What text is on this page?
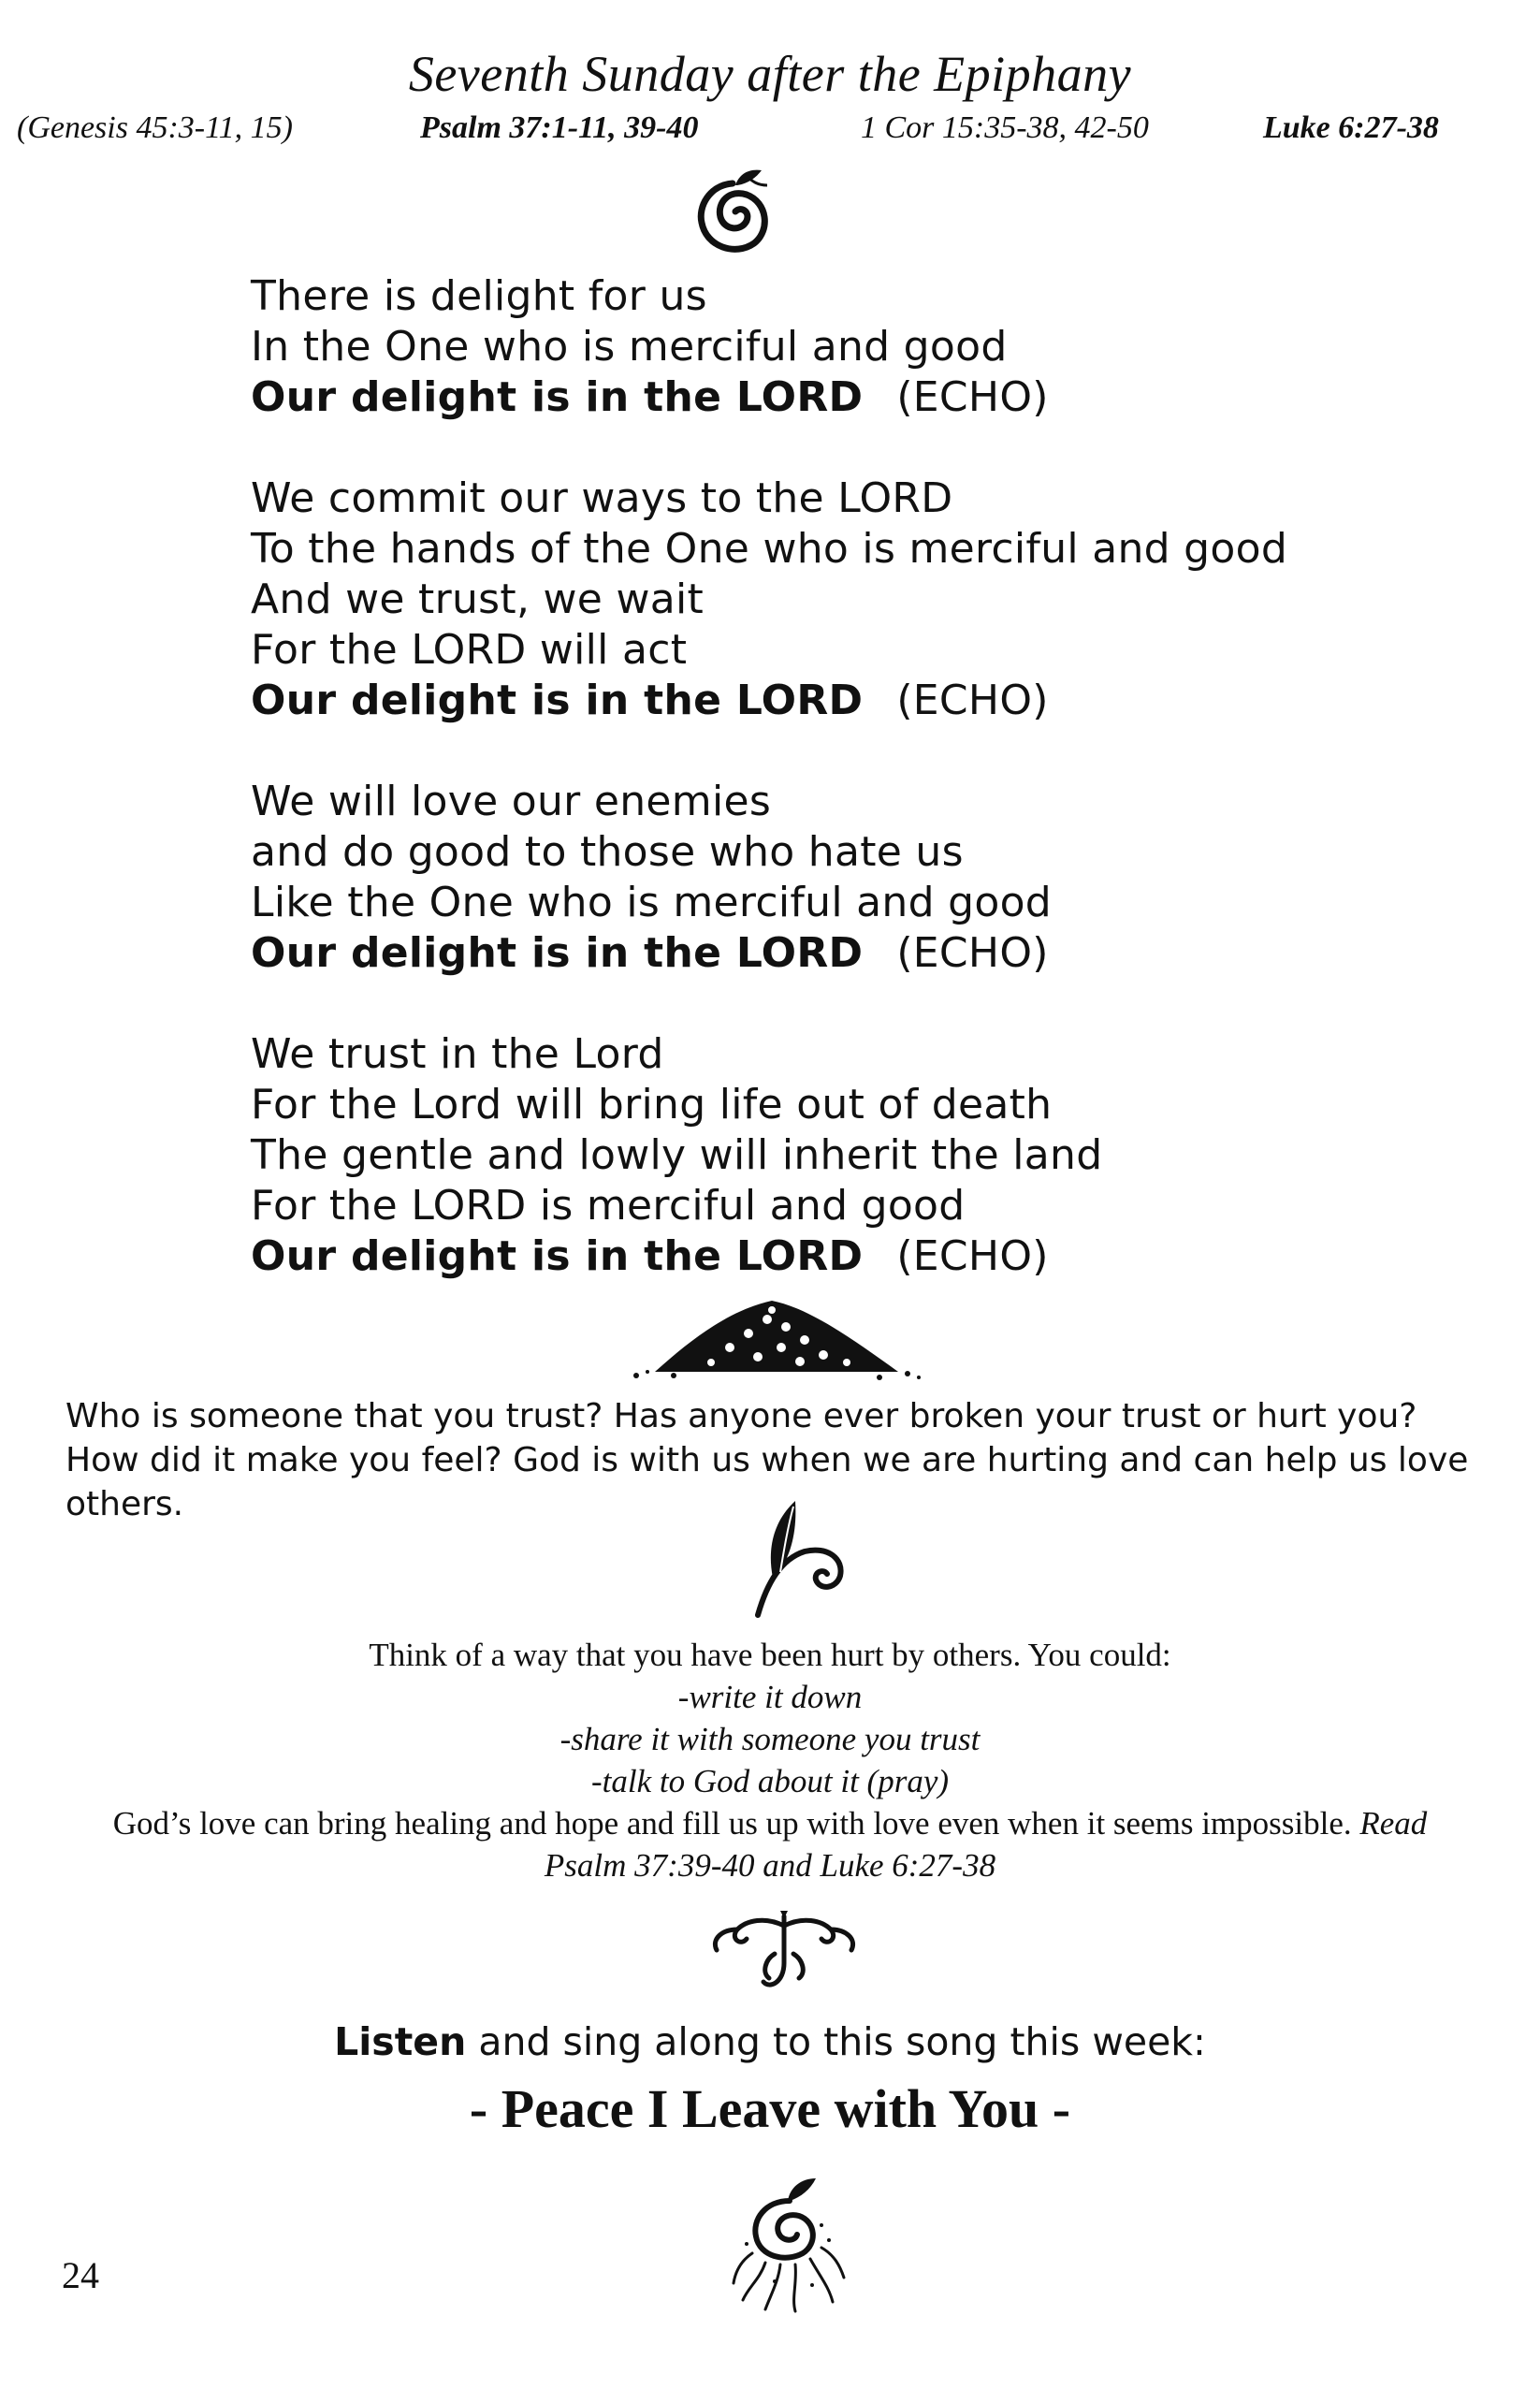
Seventh Sunday after the Epiphany
(Genesis 45:3-11, 15)	Psalm 37:1-11, 39-40	1 Cor 15:35-38, 42-50	Luke 6:27-38
There is delight for us
In the One who is merciful and good
Our delight is in the LORD (ECHO)
We commit our ways to the LORD
To the hands of the One who is merciful and good
And we trust, we wait
For the LORD will act
Our delight is in the LORD (ECHO)
We will love our enemies
and do good to those who hate us
Like the One who is merciful and good
Our delight is in the LORD (ECHO)
We trust in the Lord
For the Lord will bring life out of death
The gentle and lowly will inherit the land
For the LORD is merciful and good
Our delight is in the LORD (ECHO)
Who is someone that you trust? Has anyone ever broken your trust or hurt you? How did it make you feel? God is with us when we are hurting and can help us love others.
Think of a way that you have been hurt by others. You could:
-write it down
-share it with someone you trust
-talk to God about it (pray)
God’s love can bring healing and hope and fill us up with love even when it seems impossible. Read Psalm 37:39-40 and Luke 6:27-38
Listen and sing along to this song this week:
- Peace I Leave with You -
24
